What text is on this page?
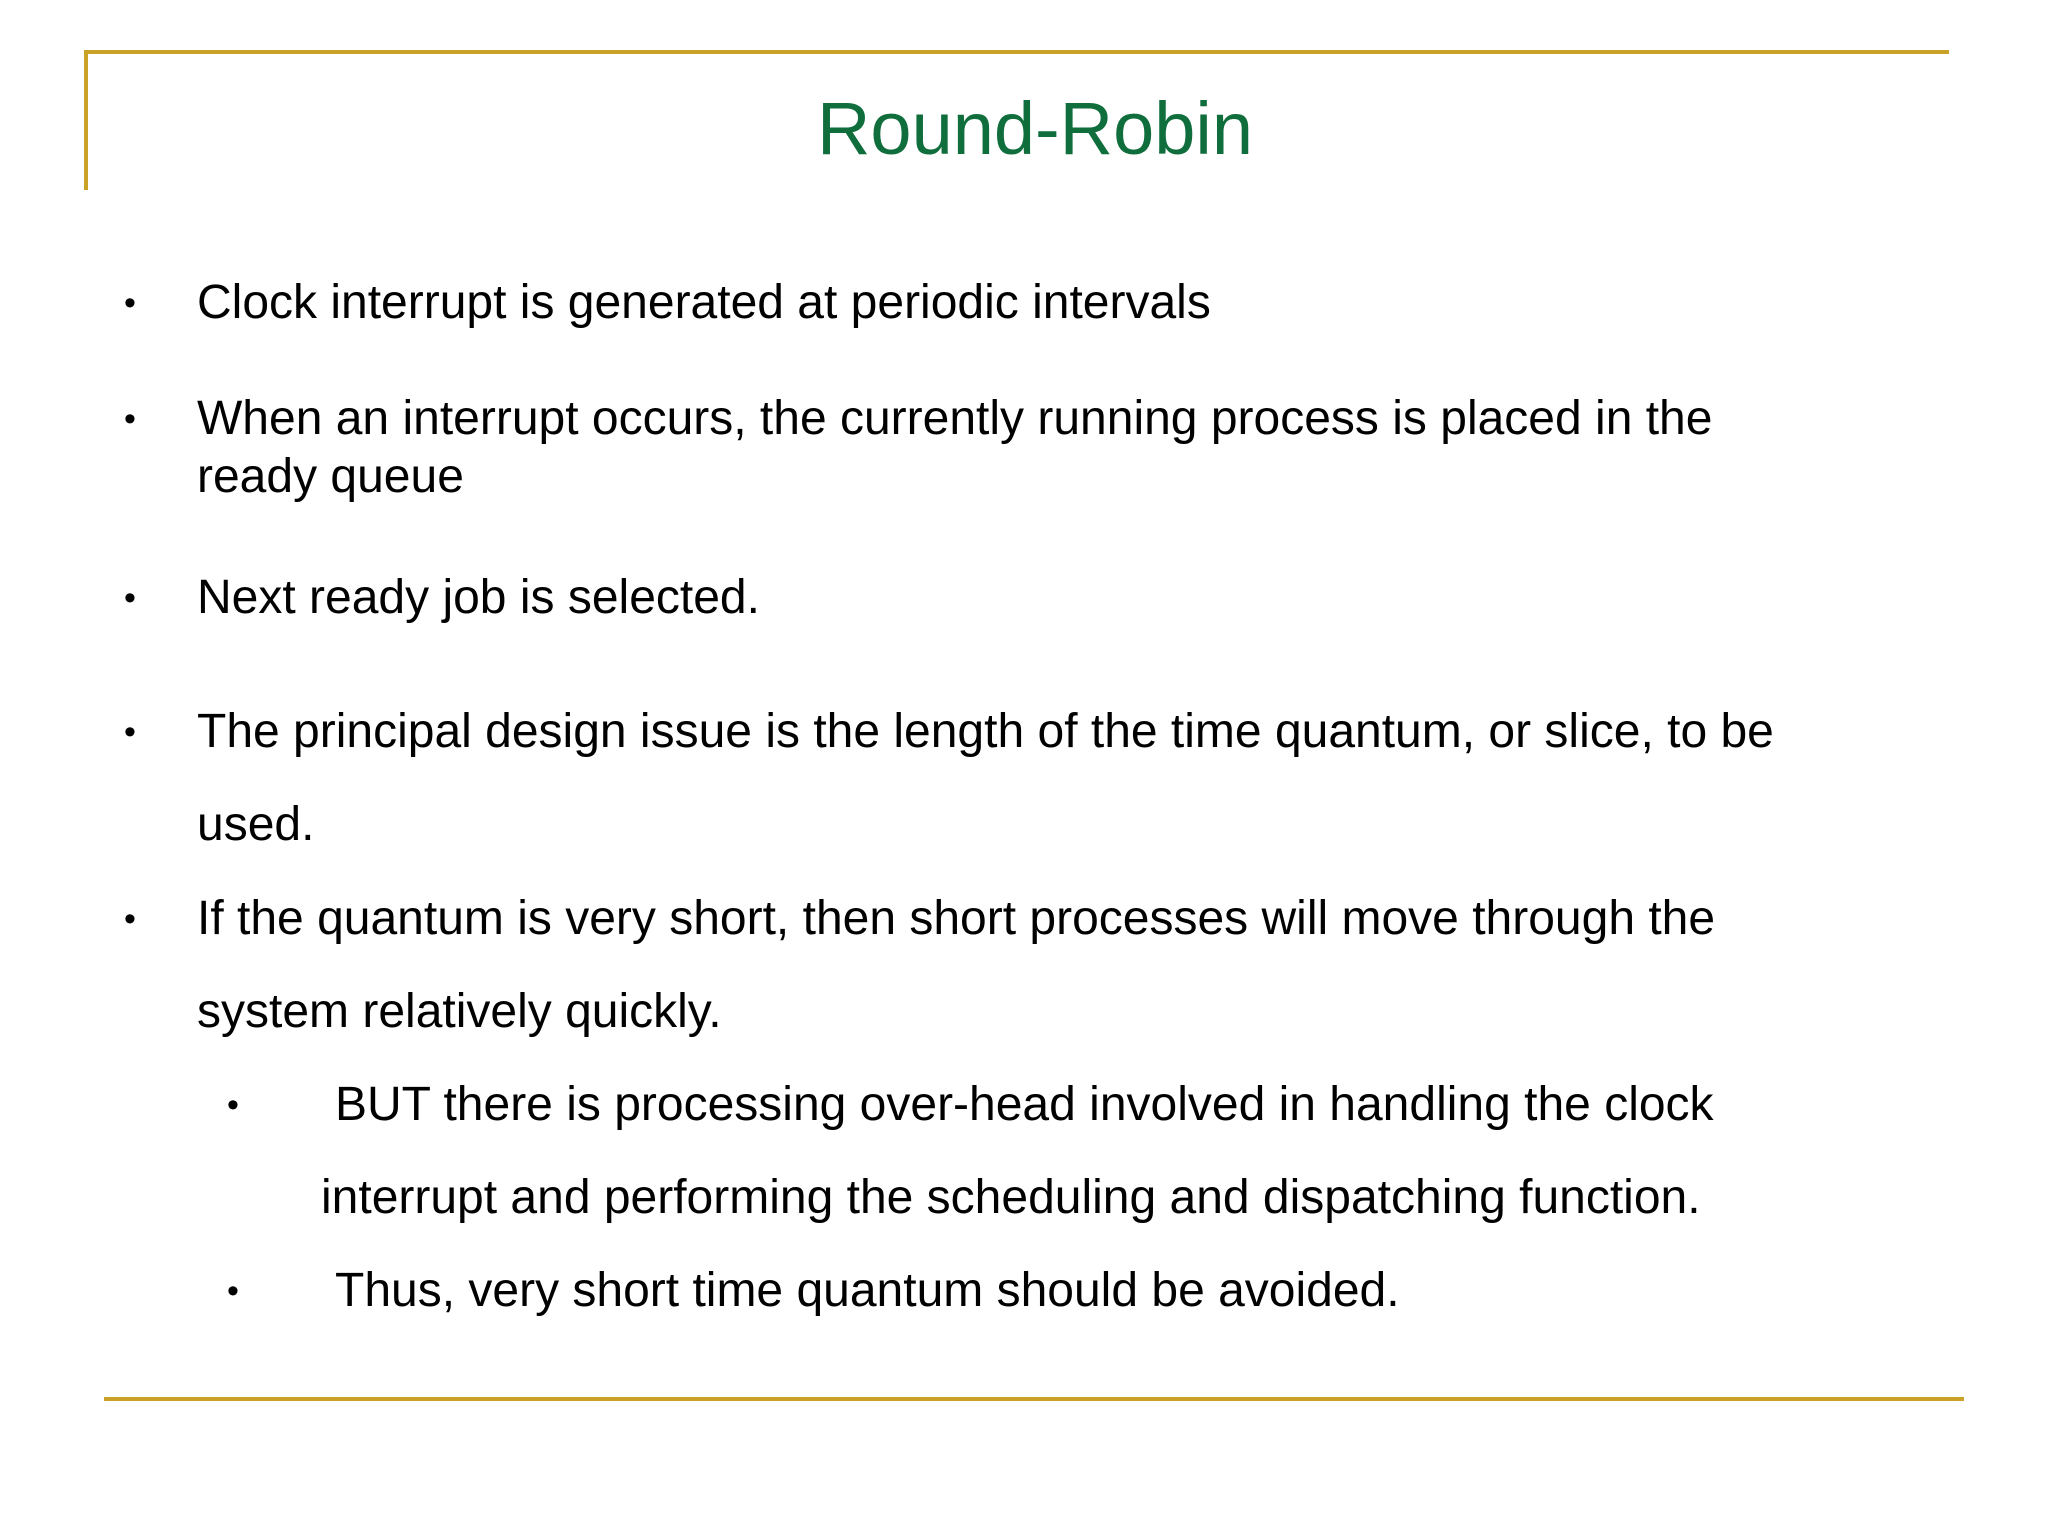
Round-Robin
• Clock interrupt is generated at periodic intervals
• When an interrupt occurs, the currently running process is placed in the
ready queue
• Next ready job is selected.
• The principal design issue is the length of the time quantum, or slice, to be
used.
• If the quantum is very short, then short processes will move through the
system relatively quickly.
• BUT there is processing over-head involved in handling the clock
interrupt and performing the scheduling and dispatching function.
• Thus, very short time quantum should be avoided.
